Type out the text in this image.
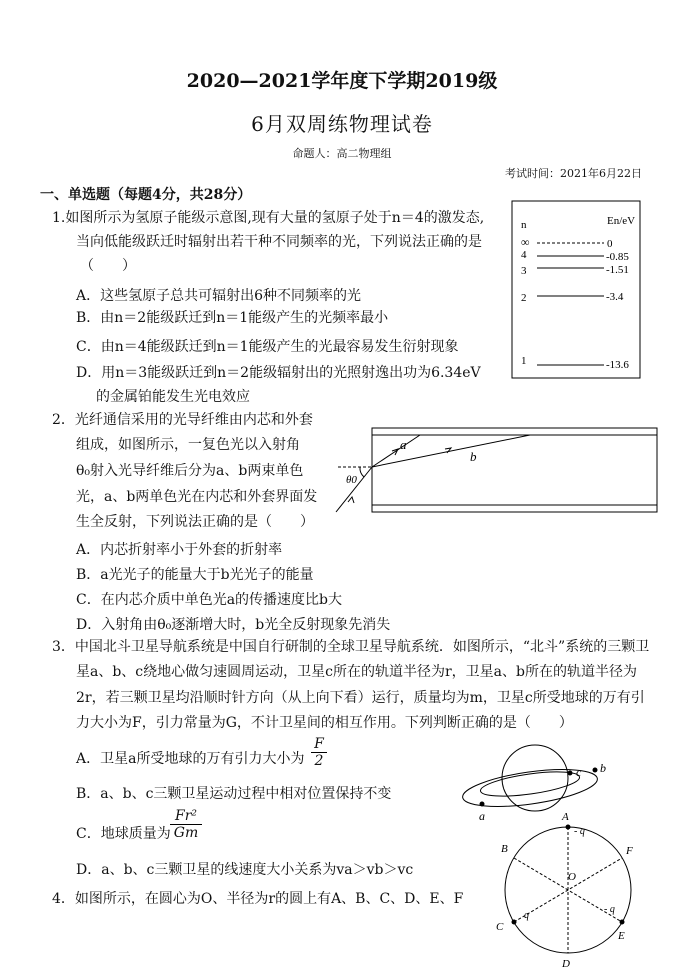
2020—2021学年度下学期2019级
6月双周练物理试卷
命题人：高二物理组
考试时间：2021年6月22日
一、单选题（每题4分，共28分）
1.如图所示为氢原子能级示意图,现有大量的氢原子处于n＝4的激发态,
当向低能级跃迁时辐射出若干种不同频率的光，下列说法正确的是
（　　）
A．这些氢原子总共可辐射出6种不同频率的光
B．由n＝2能级跃迁到n＝1能级产生的光频率最小
C．由n＝4能级跃迁到n＝1能级产生的光最容易发生衍射现象
D．用n＝3能级跃迁到n＝2能级辐射出的光照射逸出功为6.34eV
的金属铂能发生光电效应
n	En/eV
∞	0
4	-0.85
3	-1.51
2	-3.4
1	-13.6
2．光纤通信采用的光导纤维由内芯和外套
组成，如图所示，一复色光以入射角
θ₀射入光导纤维后分为a、b两束单色
光，a、b两单色光在内芯和外套界面发
生全反射，下列说法正确的是（　　）
A．内芯折射率小于外套的折射率
B．a光光子的能量大于b光光子的能量
C．在内芯介质中单色光a的传播速度比b大
D．入射角由θ₀逐渐增大时，b光全反射现象先消失
a
b
θ0
3．中国北斗卫星导航系统是中国自行研制的全球卫星导航系统．如图所示，“北斗”系统的三颗卫
星a、b、c绕地心做匀速圆周运动，卫星c所在的轨道半径为r，卫星a、b所在的轨道半径为
2r，若三颗卫星均沿顺时针方向（从上向下看）运行，质量均为m，卫星c所受地球的万有引
力大小为F，引力常量为G，不计卫星间的相互作用。下列判断正确的是（　　）
A．卫星a所受地球的万有引力大小为 $\frac{F}{2}$
B．a、b、c三颗卫星运动过程中相对位置保持不变
C．地球质量为 $\frac{\text{Fr²}}{Gm}$
D．a、b、c三颗卫星的线速度大小关系为va＞vb＞vc
b
c
a
4．如图所示，在圆心为O、半径为r的圆上有A、B、C、D、E、F
A
B
C
D
E
F
O
- q
q
- q
